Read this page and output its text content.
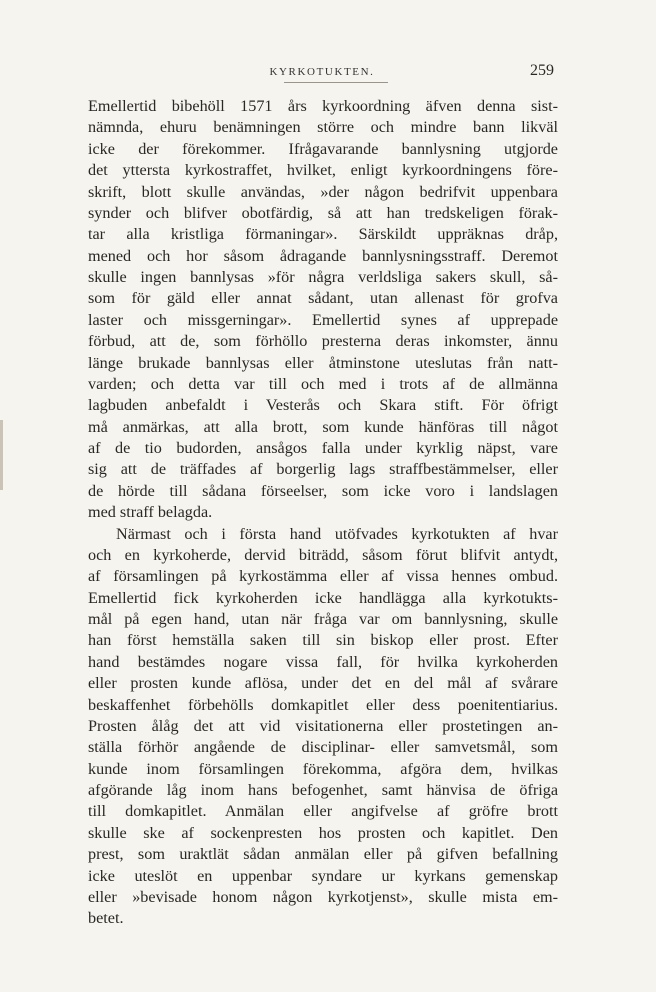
KYRKOTUKTEN.	259
Emellertid bibehöll 1571 års kyrkoordning äfven denna sist-
nämnda, ehuru benämningen större och mindre bann likväl
icke der förekommer. Ifrågavarande bannlysning utgjorde
det yttersta kyrkostraffet, hvilket, enligt kyrkoordningens före-
skrift, blott skulle användas, »der någon bedrifvit uppenbara
synder och blifver obotfärdig, så att han tredskeligen förak-
tar alla kristliga förmaningar». Särskildt uppräknas dråp,
mened och hor såsom ådragande bannlysningsstraff. Deremot
skulle ingen bannlysas »för några verldsliga sakers skull, så-
som för gäld eller annat sådant, utan allenast för grofva
laster och missgerningar». Emellertid synes af upprepade
förbud, att de, som förhöllo presterna deras inkomster, ännu
länge brukade bannlysas eller åtminstone uteslutas från natt-
varden; och detta var till och med i trots af de allmänna
lagbuden anbefaldt i Vesterås och Skara stift. För öfrigt
må anmärkas, att alla brott, som kunde hänföras till något
af de tio budorden, ansågos falla under kyrklig näpst, vare
sig att de träffades af borgerlig lags straffbestämmelser, eller
de hörde till sådana förseelser, som icke voro i landslagen
med straff belagda.
Närmast och i första hand utöfvades kyrkotukten af hvar
och en kyrkoherde, dervid biträdd, såsom förut blifvit antydt,
af församlingen på kyrkostämma eller af vissa hennes ombud.
Emellertid fick kyrkoherden icke handlägga alla kyrkotukts-
mål på egen hand, utan när fråga var om bannlysning, skulle
han först hemställa saken till sin biskop eller prost. Efter
hand bestämdes nogare vissa fall, för hvilka kyrkoherden
eller prosten kunde aflösa, under det en del mål af svårare
beskaffenhet förbehölls domkapitlet eller dess poenitentiarius.
Prosten ålåg det att vid visitationerna eller prostetingen an-
ställa förhör angående de disciplinar- eller samvetsmål, som
kunde inom församlingen förekomma, afgöra dem, hvilkas
afgörande låg inom hans befogenhet, samt hänvisa de öfriga
till domkapitlet. Anmälan eller angifvelse af gröfre brott
skulle ske af sockenpresten hos prosten och kapitlet. Den
prest, som uraktlät sådan anmälan eller på gifven befallning
icke uteslöt en uppenbar syndare ur kyrkans gemenskap
eller »bevisade honom någon kyrkotjenst», skulle mista em-
betet.
